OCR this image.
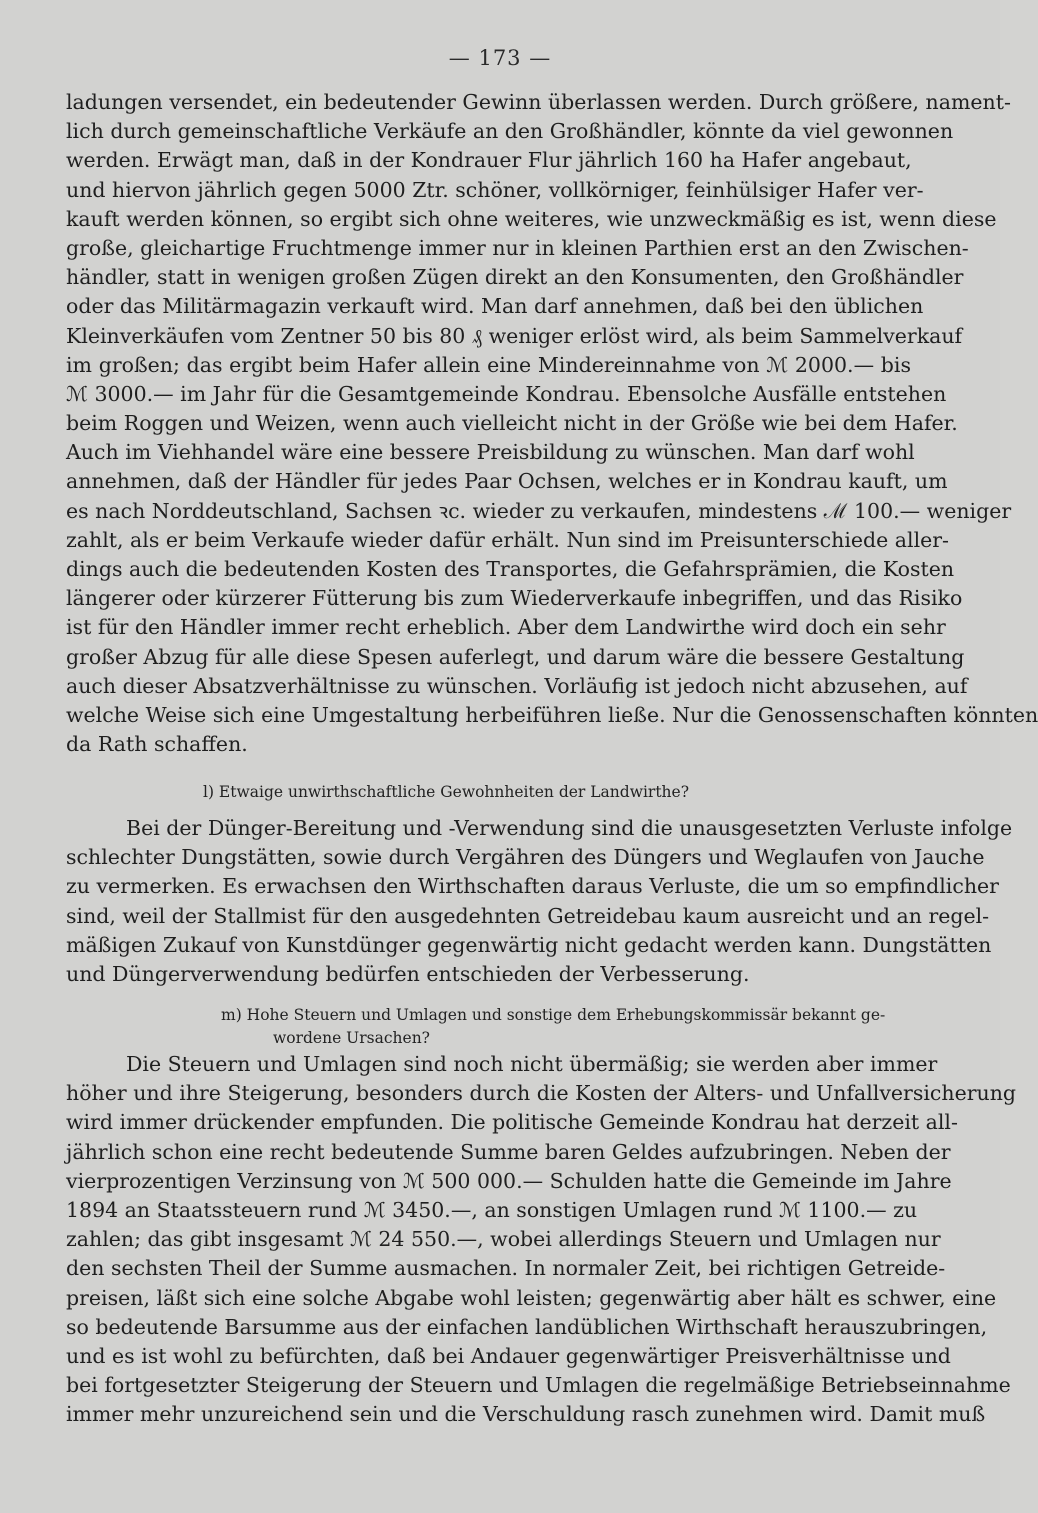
— 173 —
ladungen versendet, ein bedeutender Gewinn überlassen werden. Durch größere, nament-
lich durch gemeinschaftliche Verkäufe an den Großhändler, könnte da viel gewonnen
werden. Erwägt man, daß in der Kondrauer Flur jährlich 160 ha Hafer angebaut,
und hiervon jährlich gegen 5000 Ztr. schöner, vollkörniger, feinhülsiger Hafer ver-
kauft werden können, so ergibt sich ohne weiteres, wie unzweckmäßig es ist, wenn diese
große, gleichartige Fruchtmenge immer nur in kleinen Parthien erst an den Zwischen-
händler, statt in wenigen großen Zügen direkt an den Konsumenten, den Großhändler
oder das Militärmagazin verkauft wird. Man darf annehmen, daß bei den üblichen
Kleinverkäufen vom Zentner 50 bis 80 ₰ weniger erlöst wird, als beim Sammelverkauf
im großen; das ergibt beim Hafer allein eine Mindereinnahme von ℳ 2000.— bis
ℳ 3000.— im Jahr für die Gesamtgemeinde Kondrau. Ebensolche Ausfälle entstehen
beim Roggen und Weizen, wenn auch vielleicht nicht in der Größe wie bei dem Hafer.
Auch im Viehhandel wäre eine bessere Preisbildung zu wünschen. Man darf wohl
annehmen, daß der Händler für jedes Paar Ochsen, welches er in Kondrau kauft, um
es nach Norddeutschland, Sachsen ꝛc. wieder zu verkaufen, mindestens ℳ 100.— weniger
zahlt, als er beim Verkaufe wieder dafür erhält. Nun sind im Preisunterschiede aller-
dings auch die bedeutenden Kosten des Transportes, die Gefahrsprämien, die Kosten
längerer oder kürzerer Fütterung bis zum Wiederverkaufe inbegriffen, und das Risiko
ist für den Händler immer recht erheblich. Aber dem Landwirthe wird doch ein sehr
großer Abzug für alle diese Spesen auferlegt, und darum wäre die bessere Gestaltung
auch dieser Absatzverhältnisse zu wünschen. Vorläufig ist jedoch nicht abzusehen, auf
welche Weise sich eine Umgestaltung herbeiführen ließe. Nur die Genossenschaften könnten
da Rath schaffen.
l) Etwaige unwirthschaftliche Gewohnheiten der Landwirthe?
Bei der Dünger-Bereitung und -Verwendung sind die unausgesetzten Verluste infolge
schlechter Dungstätten, sowie durch Vergähren des Düngers und Weglaufen von Jauche
zu vermerken. Es erwachsen den Wirthschaften daraus Verluste, die um so empfindlicher
sind, weil der Stallmist für den ausgedehnten Getreidebau kaum ausreicht und an regel-
mäßigen Zukauf von Kunstdünger gegenwärtig nicht gedacht werden kann. Dungstätten
und Düngerverwendung bedürfen entschieden der Verbesserung.
m) Hohe Steuern und Umlagen und sonstige dem Erhebungskommissär bekannt ge-
wordene Ursachen?
Die Steuern und Umlagen sind noch nicht übermäßig; sie werden aber immer
höher und ihre Steigerung, besonders durch die Kosten der Alters- und Unfallversicherung
wird immer drückender empfunden. Die politische Gemeinde Kondrau hat derzeit all-
jährlich schon eine recht bedeutende Summe baren Geldes aufzubringen. Neben der
vierprozentigen Verzinsung von ℳ 500 000.— Schulden hatte die Gemeinde im Jahre
1894 an Staatssteuern rund ℳ 3450.—, an sonstigen Umlagen rund ℳ 1100.— zu
zahlen; das gibt insgesamt ℳ 24 550.—, wobei allerdings Steuern und Umlagen nur
den sechsten Theil der Summe ausmachen. In normaler Zeit, bei richtigen Getreide-
preisen, läßt sich eine solche Abgabe wohl leisten; gegenwärtig aber hält es schwer, eine
so bedeutende Barsumme aus der einfachen landüblichen Wirthschaft herauszubringen,
und es ist wohl zu befürchten, daß bei Andauer gegenwärtiger Preisverhältnisse und
bei fortgesetzter Steigerung der Steuern und Umlagen die regelmäßige Betriebseinnahme
immer mehr unzureichend sein und die Verschuldung rasch zunehmen wird. Damit muß
